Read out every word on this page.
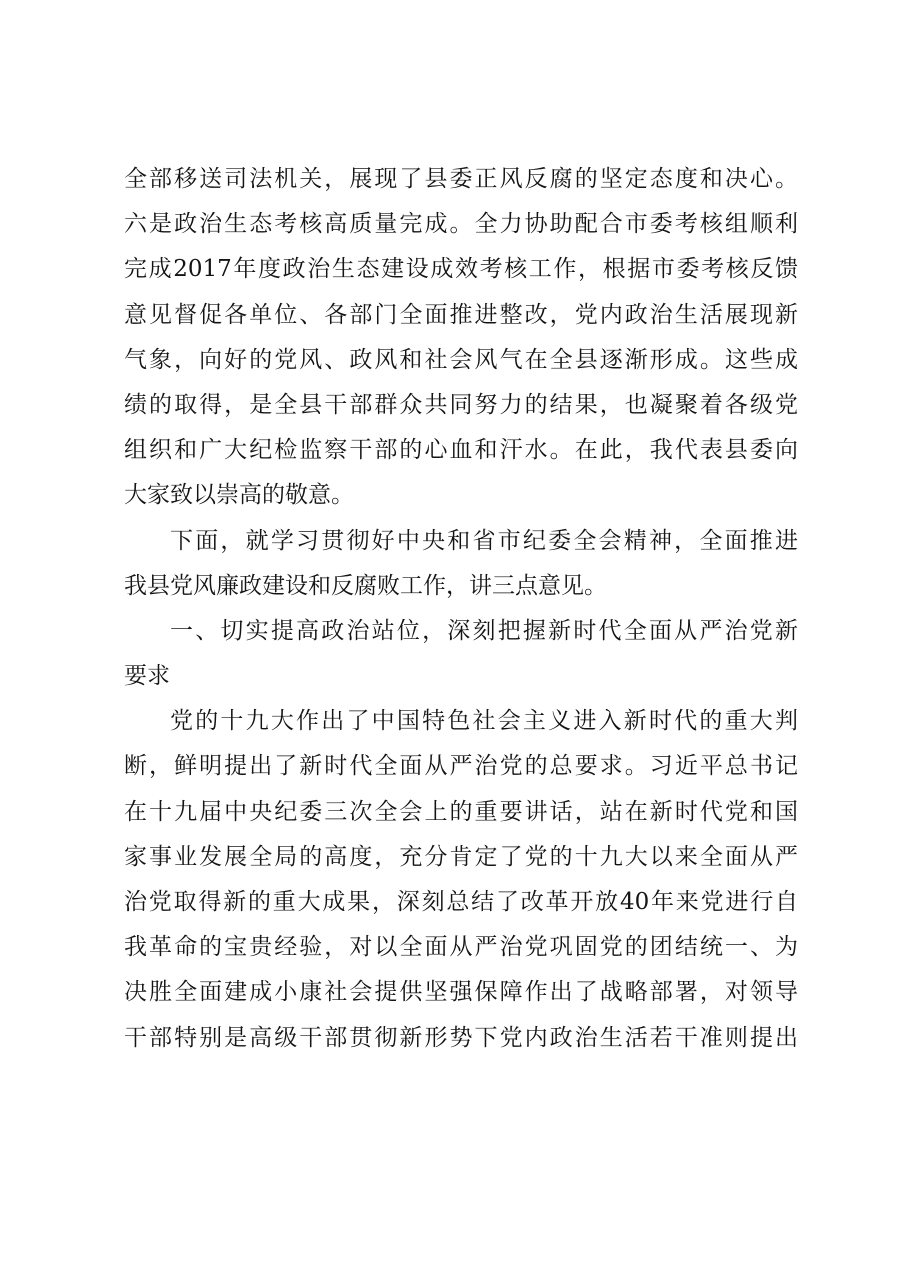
全部移送司法机关，展现了县委正风反腐的坚定态度和决心。
六是政治生态考核高质量完成。全力协助配合市委考核组顺利
完成2017年度政治生态建设成效考核工作，根据市委考核反馈
意见督促各单位、各部门全面推进整改，党内政治生活展现新
气象，向好的党风、政风和社会风气在全县逐渐形成。这些成
绩的取得，是全县干部群众共同努力的结果，也凝聚着各级党
组织和广大纪检监察干部的心血和汗水。在此，我代表县委向
大家致以崇高的敬意。
下面，就学习贯彻好中央和省市纪委全会精神，全面推进
我县党风廉政建设和反腐败工作，讲三点意见。
一、切实提高政治站位，深刻把握新时代全面从严治党新
要求
党的十九大作出了中国特色社会主义进入新时代的重大判
断，鲜明提出了新时代全面从严治党的总要求。习近平总书记
在十九届中央纪委三次全会上的重要讲话，站在新时代党和国
家事业发展全局的高度，充分肯定了党的十九大以来全面从严
治党取得新的重大成果，深刻总结了改革开放40年来党进行自
我革命的宝贵经验，对以全面从严治党巩固党的团结统一、为
决胜全面建成小康社会提供坚强保障作出了战略部署，对领导
干部特别是高级干部贯彻新形势下党内政治生活若干准则提出
